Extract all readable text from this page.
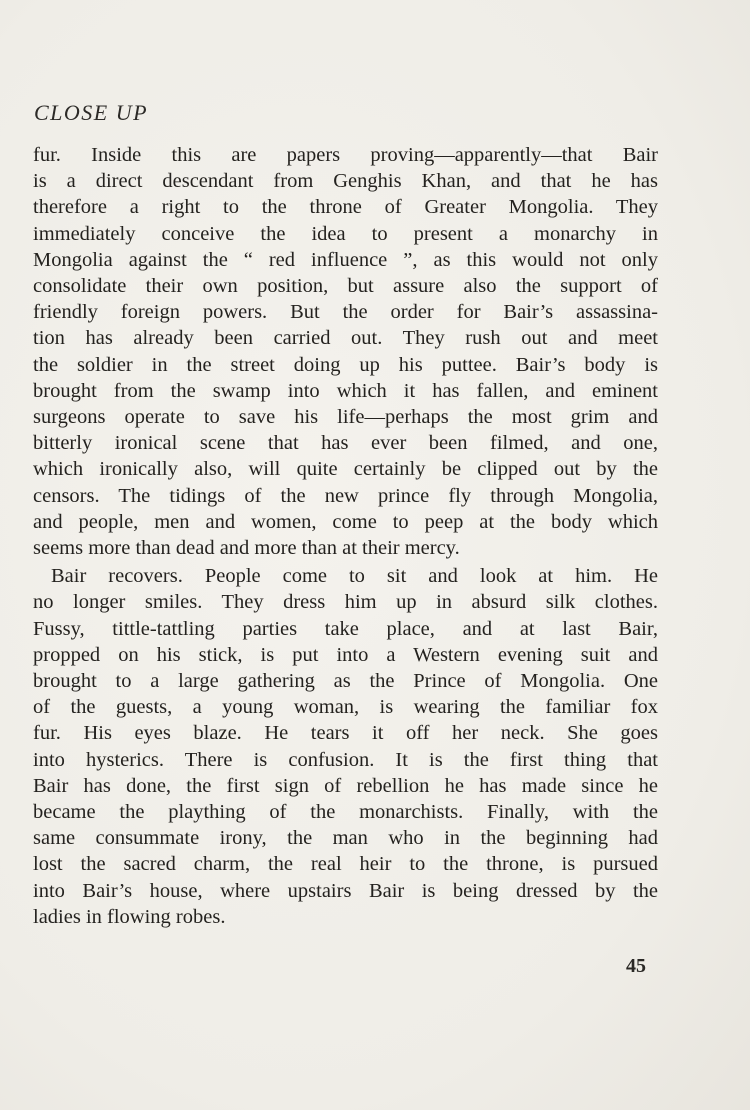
CLOSE UP
fur. Inside this are papers proving—apparently—that Bair
is a direct descendant from Genghis Khan, and that he has
therefore a right to the throne of Greater Mongolia. They
immediately conceive the idea to present a monarchy in
Mongolia against the “ red influence ”, as this would not only
consolidate their own position, but assure also the support of
friendly foreign powers. But the order for Bair’s assassina-
tion has already been carried out. They rush out and meet
the soldier in the street doing up his puttee. Bair’s body is
brought from the swamp into which it has fallen, and eminent
surgeons operate to save his life—perhaps the most grim and
bitterly ironical scene that has ever been filmed, and one,
which ironically also, will quite certainly be clipped out by the
censors. The tidings of the new prince fly through Mongolia,
and people, men and women, come to peep at the body which
seems more than dead and more than at their mercy.
Bair recovers. People come to sit and look at him. He
no longer smiles. They dress him up in absurd silk clothes.
Fussy, tittle-tattling parties take place, and at last Bair,
propped on his stick, is put into a Western evening suit and
brought to a large gathering as the Prince of Mongolia. One
of the guests, a young woman, is wearing the familiar fox
fur. His eyes blaze. He tears it off her neck. She goes
into hysterics. There is confusion. It is the first thing that
Bair has done, the first sign of rebellion he has made since he
became the plaything of the monarchists. Finally, with the
same consummate irony, the man who in the beginning had
lost the sacred charm, the real heir to the throne, is pursued
into Bair’s house, where upstairs Bair is being dressed by the
ladies in flowing robes.
45
